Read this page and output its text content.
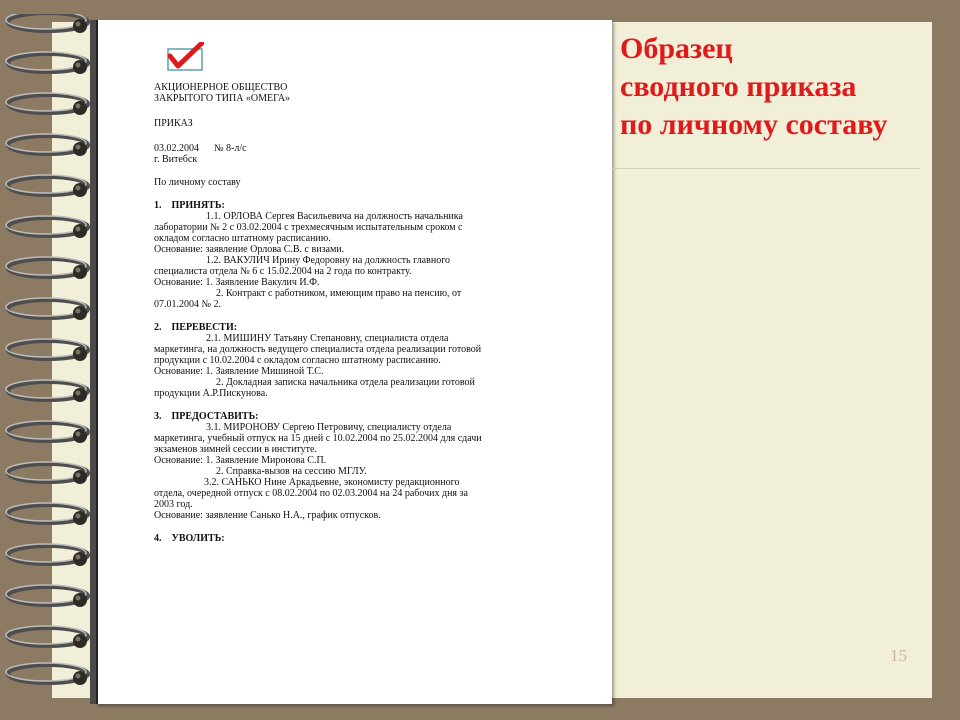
АКЦИОНЕРНОЕ ОБЩЕСТВО
ЗАКРЫТОГО ТИПА «ОМЕГА»
ПРИКАЗ
03.02.2004      № 8-л/с
г. Витебск
По личному составу
1.    ПРИНЯТЬ:
1.1. ОРЛОВА Сергея Васильевича на должность начальника
лаборатории № 2 с 03.02.2004 с трехмесячным испытательным сроком с
окладом согласно штатному расписанию.
Основание: заявление Орлова С.В. с визами.
1.2. ВАКУЛИЧ Ирину Федоровну на должность главного
специалиста отдела № 6 с 15.02.2004 на 2 года по контракту.
Основание: 1. Заявление Вакулич И.Ф.
2. Контракт с работником, имеющим право на пенсию, от
07.01.2004 № 2.
2.    ПЕРЕВЕСТИ:
2.1. МИШИНУ Татьяну Степановну, специалиста отдела
маркетинга, на должность ведущего специалиста отдела реализации готовой
продукции с 10.02.2004 с окладом согласно штатному расписанию.
Основание: 1. Заявление Мишиной Т.С.
2. Докладная записка начальника отдела реализации готовой
продукции А.Р.Пискунова.
3.    ПРЕДОСТАВИТЬ:
3.1. МИРОНОВУ Сергею Петровичу, специалисту отдела
маркетинга, учебный отпуск на 15 дней с 10.02.2004 по 25.02.2004 для сдачи
экзаменов зимней сессии в институте.
Основание: 1. Заявление Миронова С.П.
2. Справка-вызов на сессию МГЛУ.
3.2. САНЬКО Нине Аркадьевне, экономисту редакционного
отдела, очередной отпуск с 08.02.2004 по 02.03.2004 на 24 рабочих дня за
2003 год.
Основание: заявление Санько Н.А., график отпусков.
4.    УВОЛИТЬ:
Образец
сводного приказа
по личному составу
15
